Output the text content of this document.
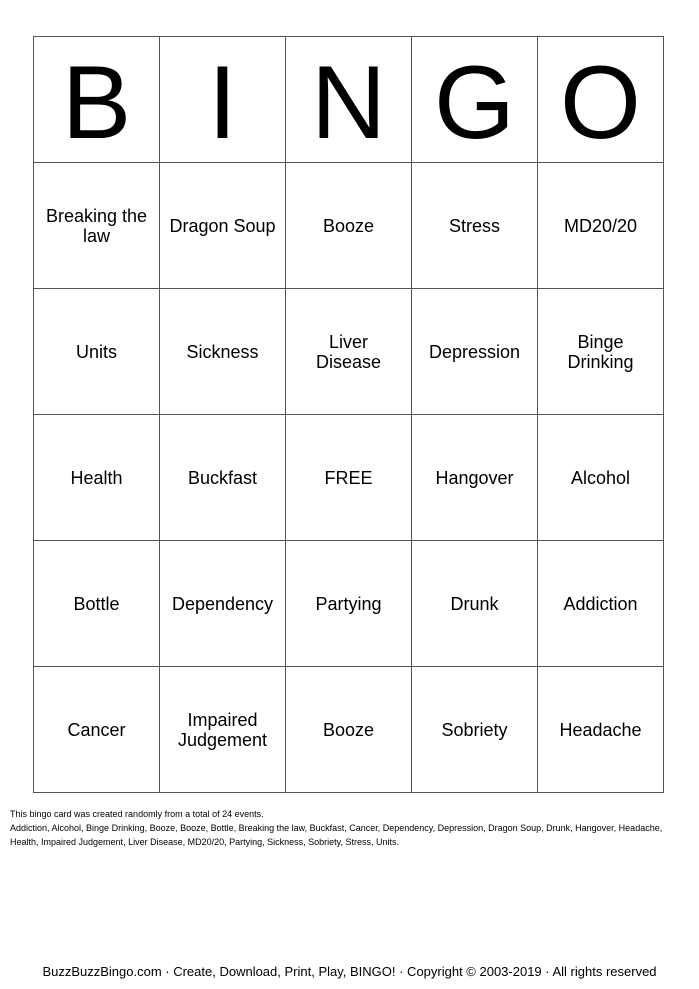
B	I	N	G	O
Breaking the law	Dragon Soup	Booze	Stress	MD20/20
Units	Sickness	Liver Disease	Depression	Binge Drinking
Health	Buckfast	FREE	Hangover	Alcohol
Bottle	Dependency	Partying	Drunk	Addiction
Cancer	Impaired Judgement	Booze	Sobriety	Headache
This bingo card was created randomly from a total of 24 events.
Addiction, Alcohol, Binge Drinking, Booze, Booze, Bottle, Breaking the law, Buckfast, Cancer, Dependency, Depression, Dragon Soup, Drunk, Hangover, Headache, Health, Impaired Judgement, Liver Disease, MD20/20, Partying, Sickness, Sobriety, Stress, Units.
BuzzBuzzBingo.com · Create, Download, Print, Play, BINGO! · Copyright © 2003-2019 · All rights reserved
